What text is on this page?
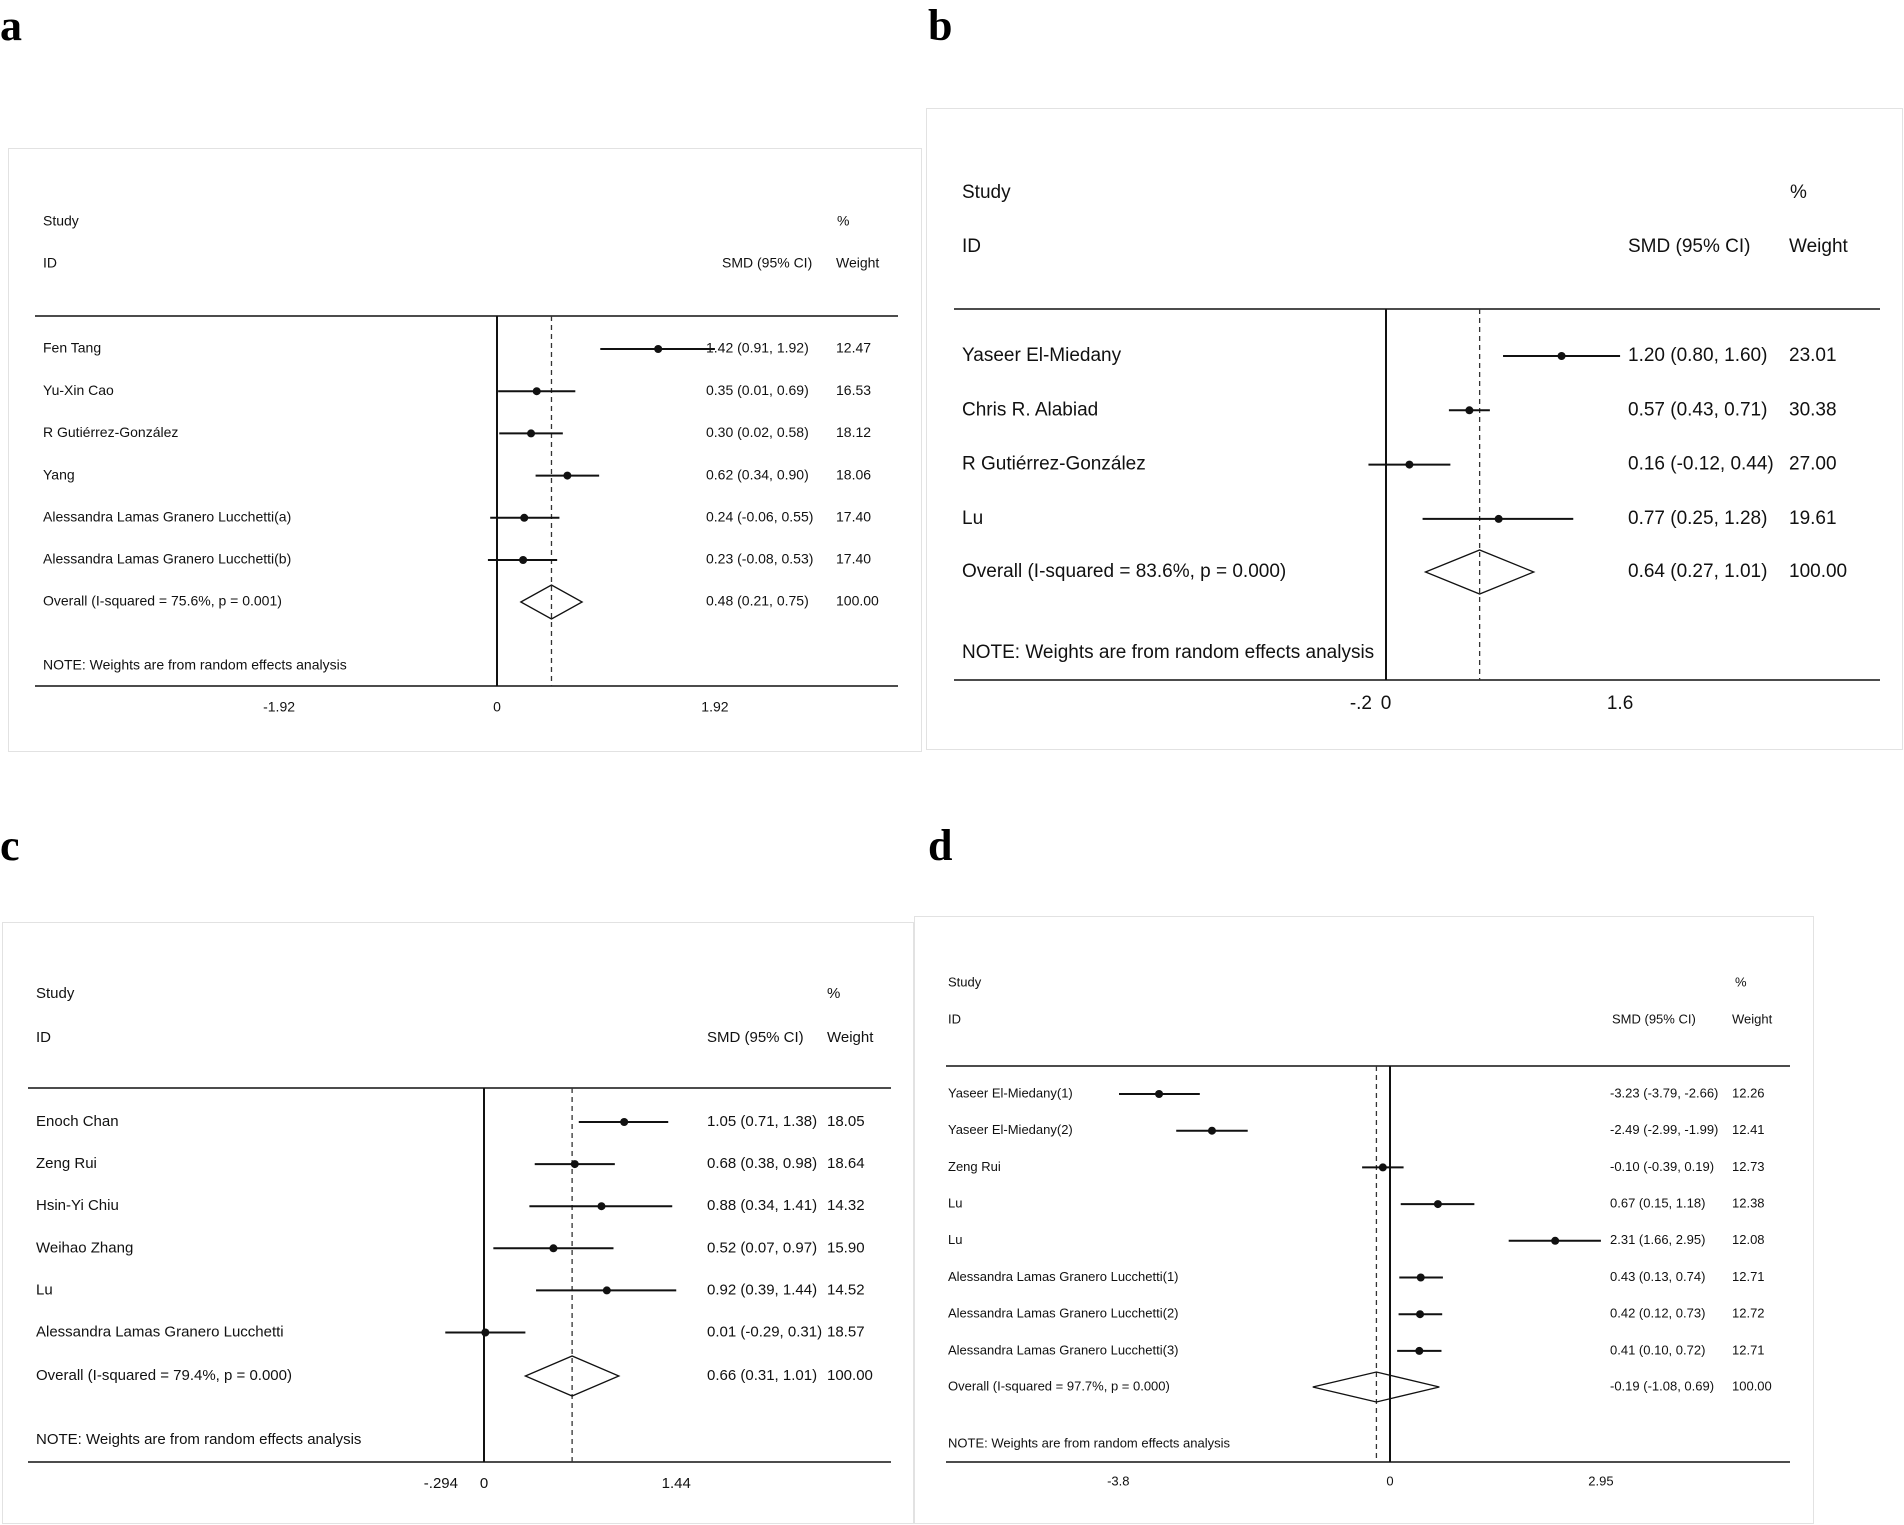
a	b
c	d
Study
ID
%
SMD (95% CI) Weight
Fen Tang	1.42 (0.91, 1.92) 12.47
Yu-Xin Cao	0.35 (0.01, 0.69) 16.53
R Gutiérrez-González	0.30 (0.02, 0.58) 18.12
Yang	0.62 (0.34, 0.90) 18.06
Alessandra Lamas Granero Lucchetti(a)	0.24 (-0.06, 0.55) 17.40
Alessandra Lamas Granero Lucchetti(b)	0.23 (-0.08, 0.53) 17.40
Overall (I-squared = 75.6%, p = 0.001)	0.48 (0.21, 0.75) 100.00
NOTE: Weights are from random effects analysis
-1.92	0	1.92
Study
ID
%
SMD (95% CI) Weight
Yaseer El-Miedany	1.20 (0.80, 1.60) 23.01
Chris R. Alabiad	0.57 (0.43, 0.71) 30.38
R Gutiérrez-González	0.16 (-0.12, 0.44) 27.00
Lu	0.77 (0.25, 1.28) 19.61
Overall (I-squared = 83.6%, p = 0.000)	0.64 (0.27, 1.01) 100.00
NOTE: Weights are from random effects analysis
-.2 0	1.6
Study
ID
%
SMD (95% CI) Weight
Enoch Chan	1.05 (0.71, 1.38) 18.05
Zeng Rui	0.68 (0.38, 0.98) 18.64
Hsin-Yi Chiu	0.88 (0.34, 1.41) 14.32
Weihao Zhang	0.52 (0.07, 0.97) 15.90
Lu	0.92 (0.39, 1.44) 14.52
Alessandra Lamas Granero Lucchetti	0.01 (-0.29, 0.31) 18.57
Overall (I-squared = 79.4%, p = 0.000)	0.66 (0.31, 1.01) 100.00
NOTE: Weights are from random effects analysis
-.294 0	1.44
Study
ID
%
SMD (95% CI)	Weight
Yaseer El-Miedany(1)	-3.23 (-3.79, -2.66) 12.26
Yaseer El-Miedany(2)	-2.49 (-2.99, -1.99) 12.41
Zeng Rui	-0.10 (-0.39, 0.19) 12.73
Lu	0.67 (0.15, 1.18) 12.38
Lu	2.31 (1.66, 2.95) 12.08
Alessandra Lamas Granero Lucchetti(1)	0.43 (0.13, 0.74) 12.71
Alessandra Lamas Granero Lucchetti(2)	0.42 (0.12, 0.73) 12.72
Alessandra Lamas Granero Lucchetti(3)	0.41 (0.10, 0.72) 12.71
Overall (I-squared = 97.7%, p = 0.000)	-0.19 (-1.08, 0.69) 100.00
NOTE: Weights are from random effects analysis
-3.8	0	2.95
